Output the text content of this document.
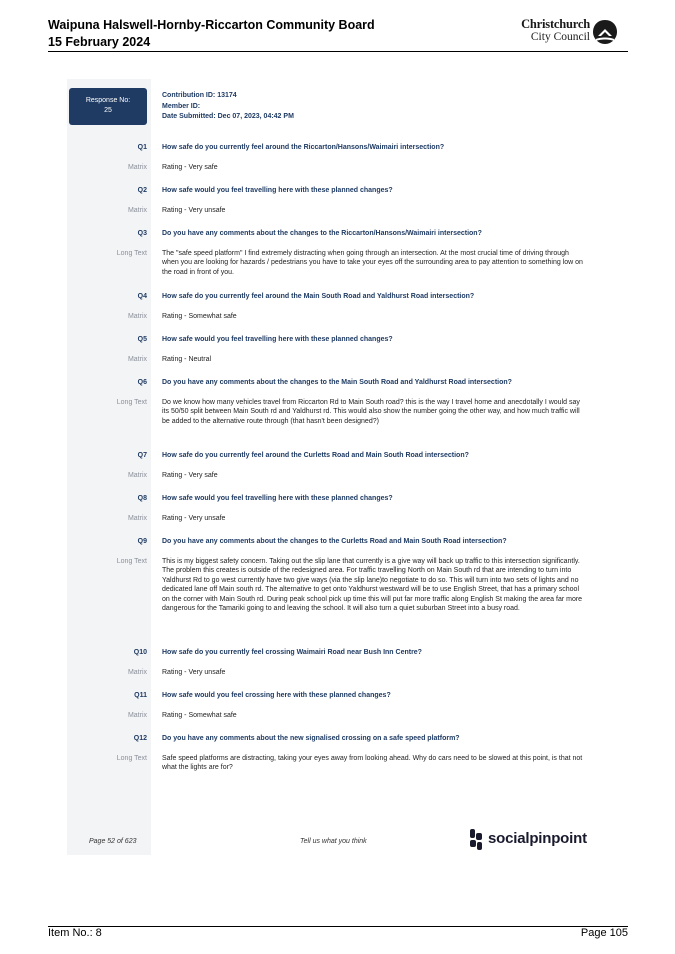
Waipuna Halswell-Hornby-Riccarton Community Board
15 February 2024
Christchurch
City Council
Response No:
25
Contribution ID: 13174
Member ID:
Date Submitted: Dec 07, 2023, 04:42 PM
Q1 How safe do you currently feel around the Riccarton/Hansons/Waimairi intersection?
Matrix Rating - Very safe
Q2 How safe would you feel travelling here with these planned changes?
Matrix Rating - Very unsafe
Q3 Do you have any comments about the changes to the Riccarton/Hansons/Waimairi intersection?
Long Text The "safe speed platform" I find extremely distracting when going through an intersection. At the most crucial time of driving through when you are looking for hazards / pedestrians you have to take your eyes off the surrounding area to pay attention to something low on the road in front of you.
Q4 How safe do you currently feel around the Main South Road and Yaldhurst Road intersection?
Matrix Rating - Somewhat safe
Q5 How safe would you feel travelling here with these planned changes?
Matrix Rating - Neutral
Q6 Do you have any comments about the changes to the Main South Road and Yaldhurst Road intersection?
Long Text Do we know how many vehicles travel from Riccarton Rd to Main South road? this is the way I travel home and anecdotally I would say its 50/50 split between Main South rd and Yaldhurst rd. This would also show the number going the other way, and how much traffic will be added to the alternative route through (that hasn't been designed?)
Q7 How safe do you currently feel around the Curletts Road and Main South Road intersection?
Matrix Rating - Very safe
Q8 How safe would you feel travelling here with these planned changes?
Matrix Rating - Very unsafe
Q9 Do you have any comments about the changes to the Curletts Road and Main South Road intersection?
Long Text This is my biggest safety concern. Taking out the slip lane that currently is a give way will back up traffic to this intersection significantly. The problem this creates is outside of the redesigned area. For traffic travelling North on Main South rd that are intending to turn into Yaldhurst Rd to go west currently have two give ways (via the slip lane)to negotiate to do so. This will turn into two sets of lights and no dedicated lane off Main south rd. The alternative to get onto Yaldhurst westward will be to use English Street, that has a primary school on the corner with Main South rd. During peak school pick up time this will put far more traffic along English St making the area far more dangerous for the Tamariki going to and leaving the school. It will also turn a quiet suburban Street into a busy road.
Q10 How safe do you currently feel crossing Waimairi Road near Bush Inn Centre?
Matrix Rating - Very unsafe
Q11 How safe would you feel crossing here with these planned changes?
Matrix Rating - Somewhat safe
Q12 Do you have any comments about the new signalised crossing on a safe speed platform?
Long Text Safe speed platforms are distracting, taking your eyes away from looking ahead. Why do cars need to be slowed at this point, is that not what the lights are for?
Page 52 of 623	Tell us what you think	socialpinpoint
Item No.: 8	Page 105
